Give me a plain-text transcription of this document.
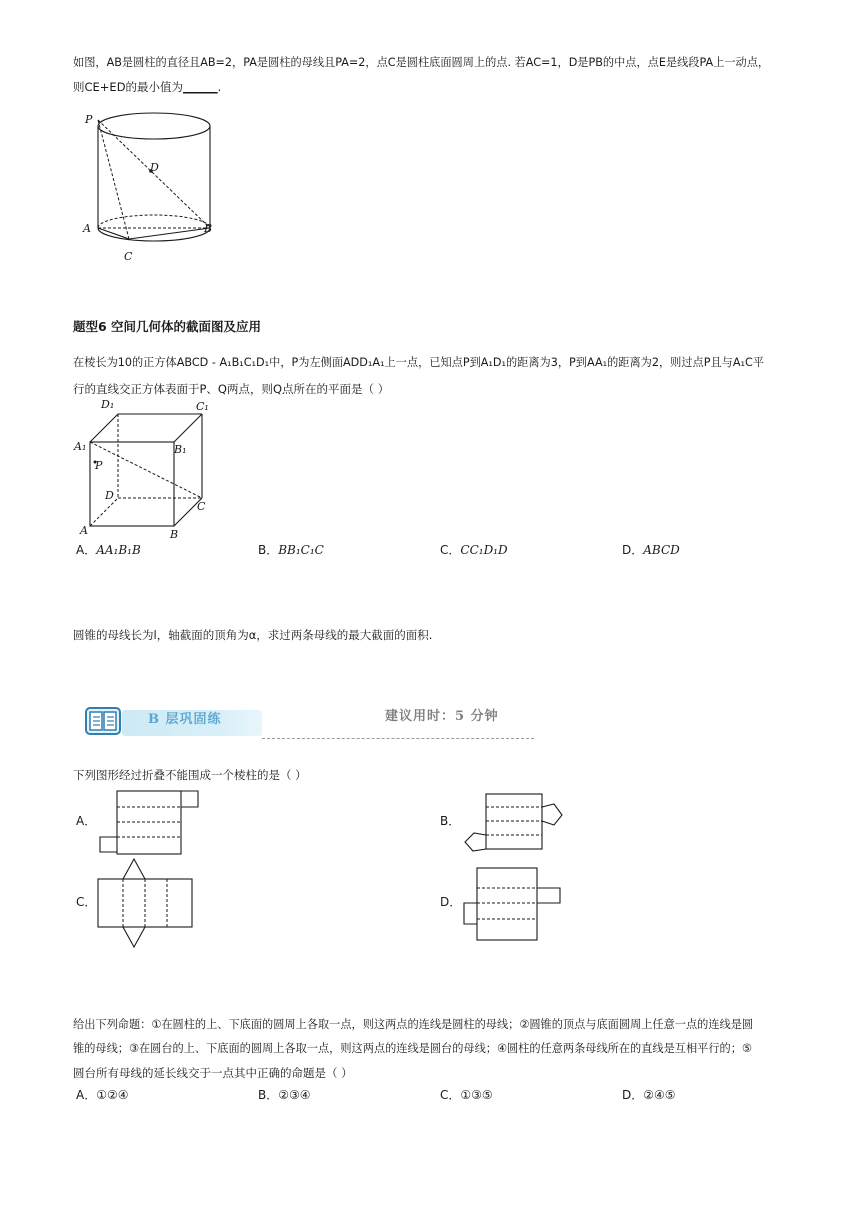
如图，AB是圆柱的直径且AB=2，PA是圆柱的母线且PA=2，点C是圆柱底面圆周上的点. 若AC=1，D是PB的中点，点E是线段PA上一动点，
则CE+ED的最小值为______.
P
D
A	B
C
题型6 空间几何体的截面图及应用
在棱长为10的正方体ABCD - A₁B₁C₁D₁中，P为左侧面ADD₁A₁上一点，已知点P到A₁D₁的距离为3，P到AA₁的距离为2，则过点P且与A₁C平
行的直线交正方体表面于P、Q两点，则Q点所在的平面是（ ）
D₁	C₁
A₁	B₁
P
D
C
A	B
A．AA₁B₁B	B．BB₁C₁C	C．CC₁D₁D	D．ABCD
圆锥的母线长为l，轴截面的顶角为α，求过两条母线的最大截面的面积.
B 层巩固练	建议用时：5 分钟
下列图形经过折叠不能围成一个棱柱的是（ ）
A．	B．
C．	D．
给出下列命题：①在圆柱的上、下底面的圆周上各取一点，则这两点的连线是圆柱的母线；②圆锥的顶点与底面圆周上任意一点的连线是圆
锥的母线；③在圆台的上、下底面的圆周上各取一点，则这两点的连线是圆台的母线；④圆柱的任意两条母线所在的直线是互相平行的；⑤
圆台所有母线的延长线交于一点其中正确的命题是（ ）
A．①②④	B．②③④	C．①③⑤	D．②④⑤
